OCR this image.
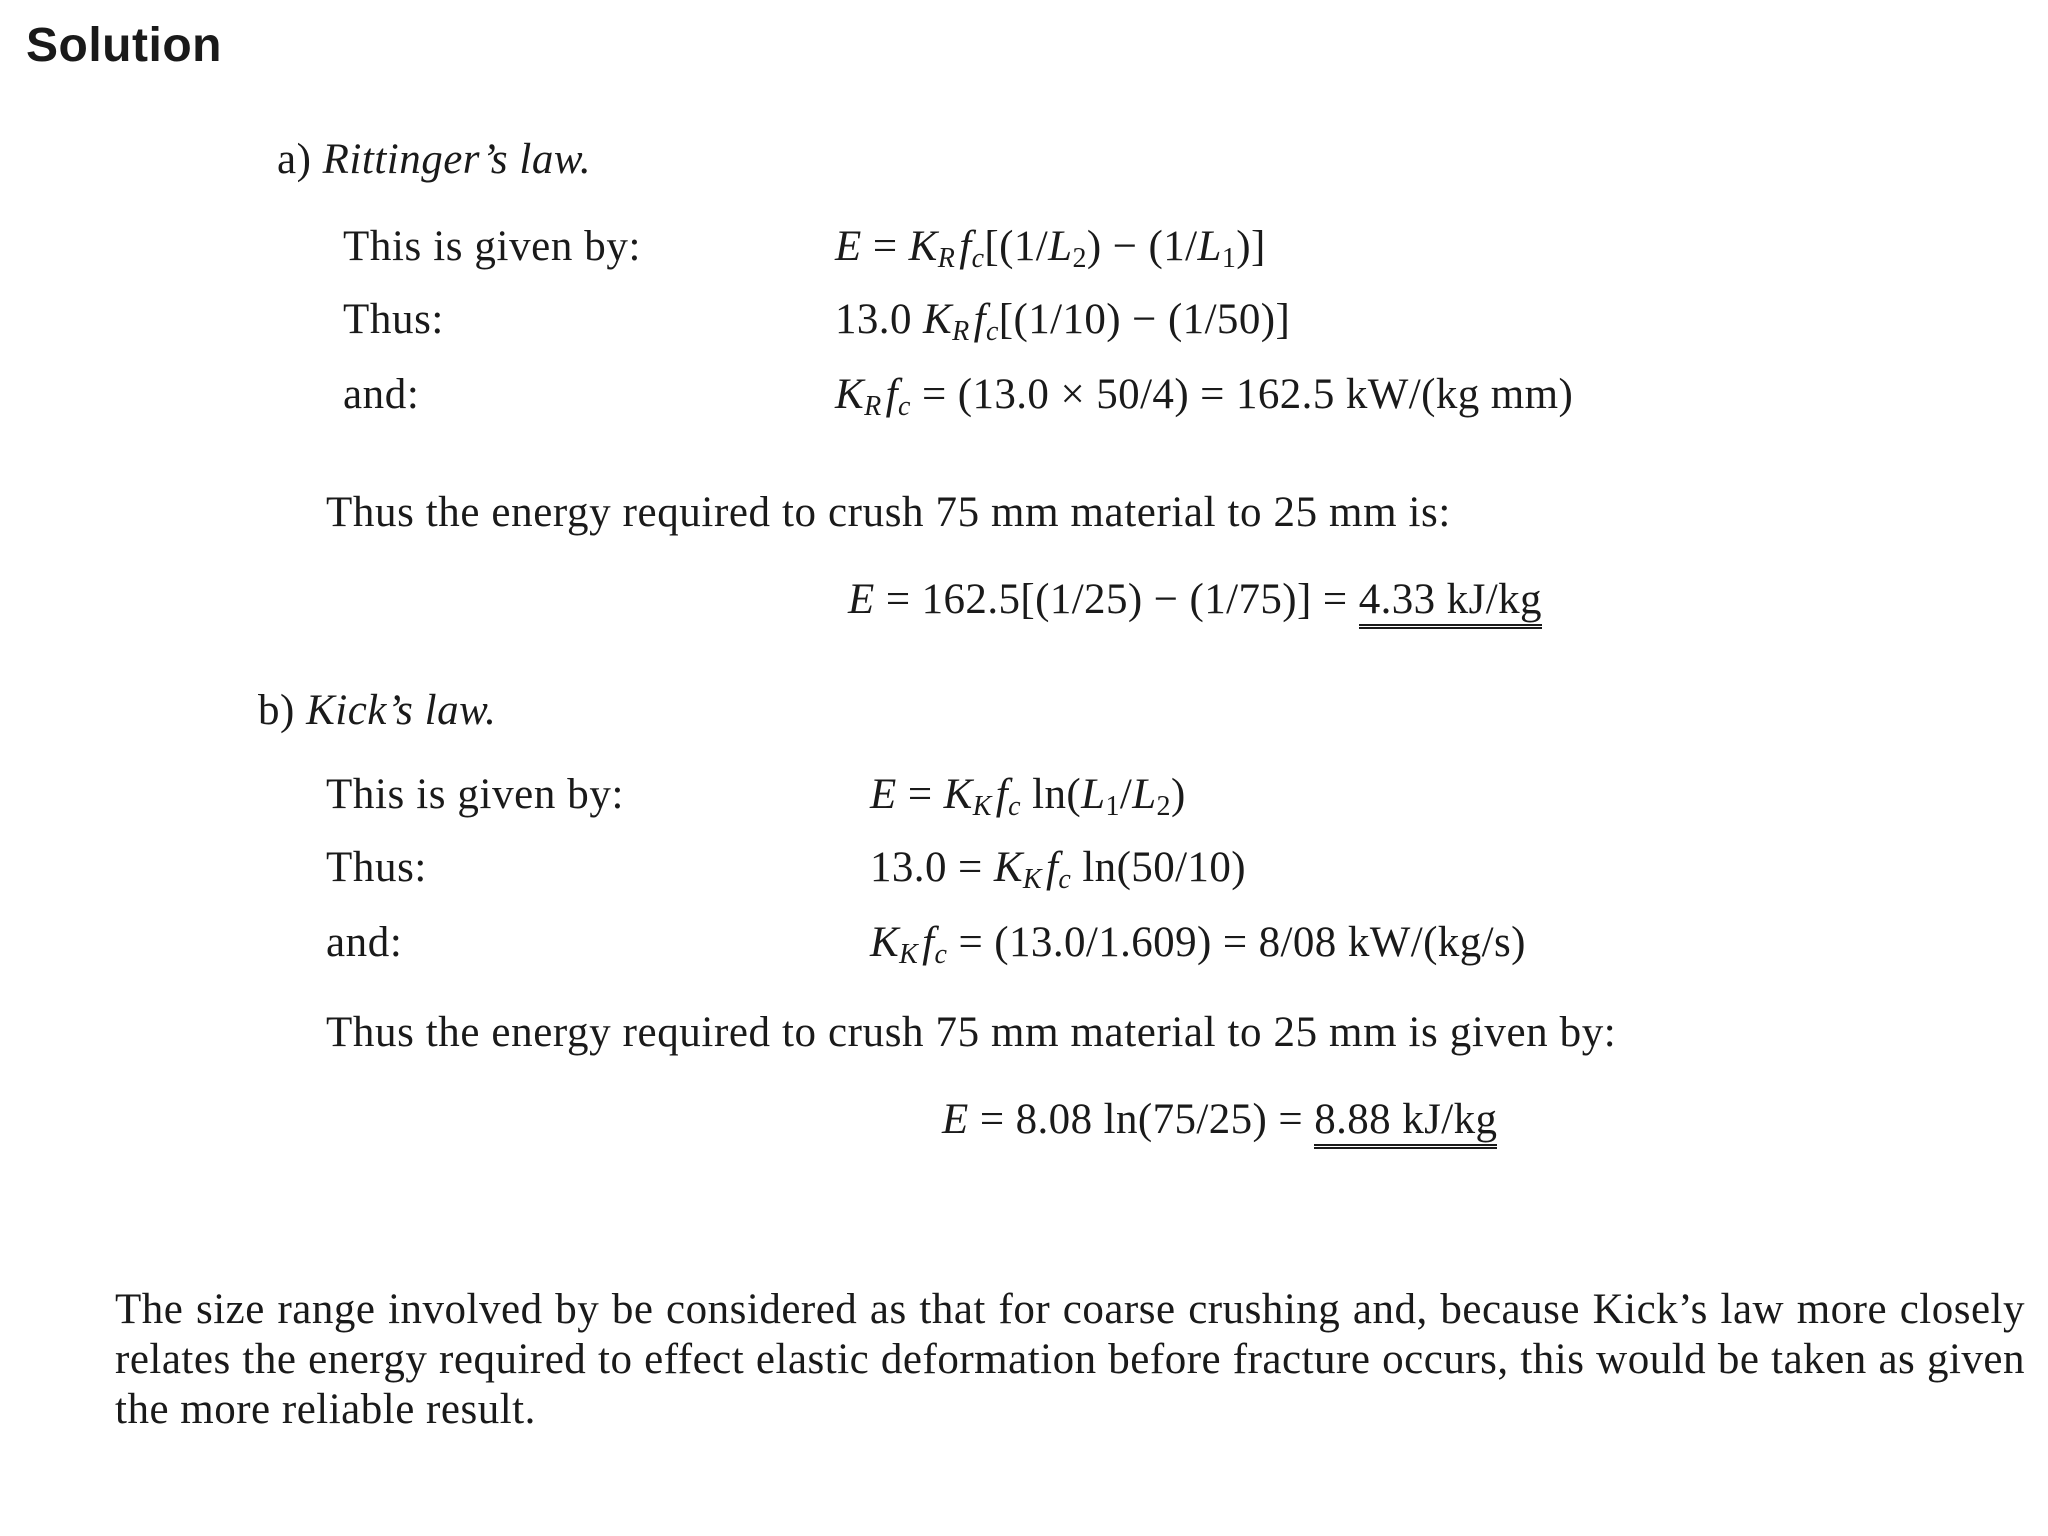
Solution
a) Rittinger’s law.
This is given by:	$E = K_R$ $f_c[(1/L_2) - (1/L_1)]$
Thus:	13.0 $K_R$ $f_c[(1/10) - (1/50)]$
and:	$K_R$ $f_c = (13.0 \times 50/4) = 162.5$ kW/(kg mm)
Thus the energy required to crush 75 mm material to 25 mm is:
E = 162.5[(1/25) − (1/75)] = 4.33 kJ/kg
b) Kick’s law.
This is given by:	$E = K_K$ $f_c$ $\ln(L_1/L_2)$
Thus:	$13.0 = K_K$ $f_c$ ln(50/10)
and:	$K_K$ $f_c = (13.0/1.609) = 8/08$ kW/(kg/s)
Thus the energy required to crush 75 mm material to 25 mm is given by:
E = 8.08 ln(75/25) = 8.88 kJ/kg
The size range involved by be considered as that for coarse crushing and, because Kick’s law more closely relates the energy required to effect elastic deformation before fracture occurs, this would be taken as given the more reliable result.
